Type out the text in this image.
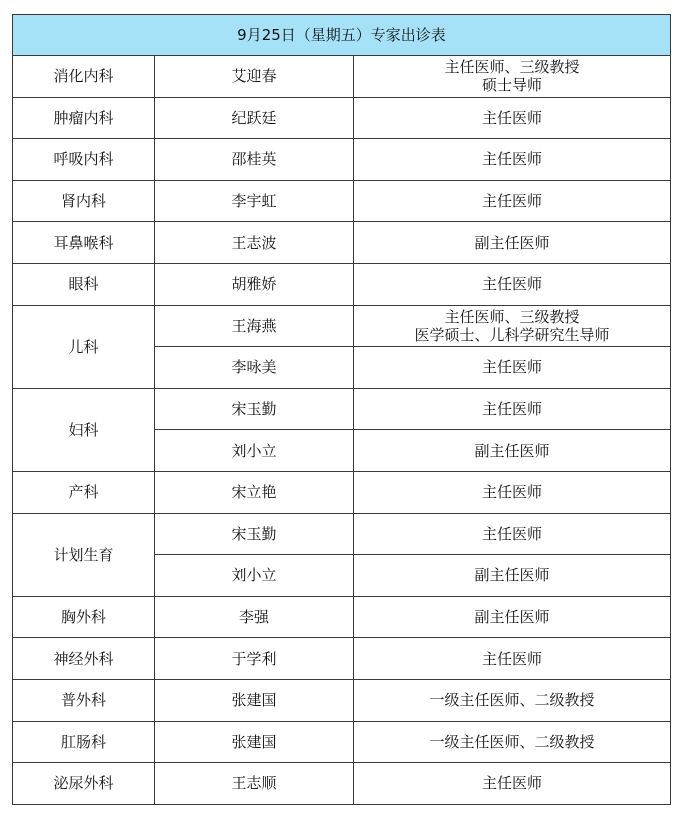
9月25日（星期五）专家出诊表		
消化内科	艾迎春	主任医师、三级教授
硕士导师
肿瘤内科	纪跃廷	主任医师
呼吸内科	邵桂英	主任医师
肾内科	李宇虹	主任医师
耳鼻喉科	王志波	副主任医师
眼科	胡雅娇	主任医师
儿科	王海燕	主任医师、三级教授
医学硕士、儿科学研究生导师
	李咏美	主任医师
妇科	宋玉勤	主任医师
	刘小立	副主任医师
产科	宋立艳	主任医师
计划生育	宋玉勤	主任医师
	刘小立	副主任医师
胸外科	李强	副主任医师
神经外科	于学利	主任医师
普外科	张建国	一级主任医师、二级教授
肛肠科	张建国	一级主任医师、二级教授
泌尿外科	王志顺	主任医师
